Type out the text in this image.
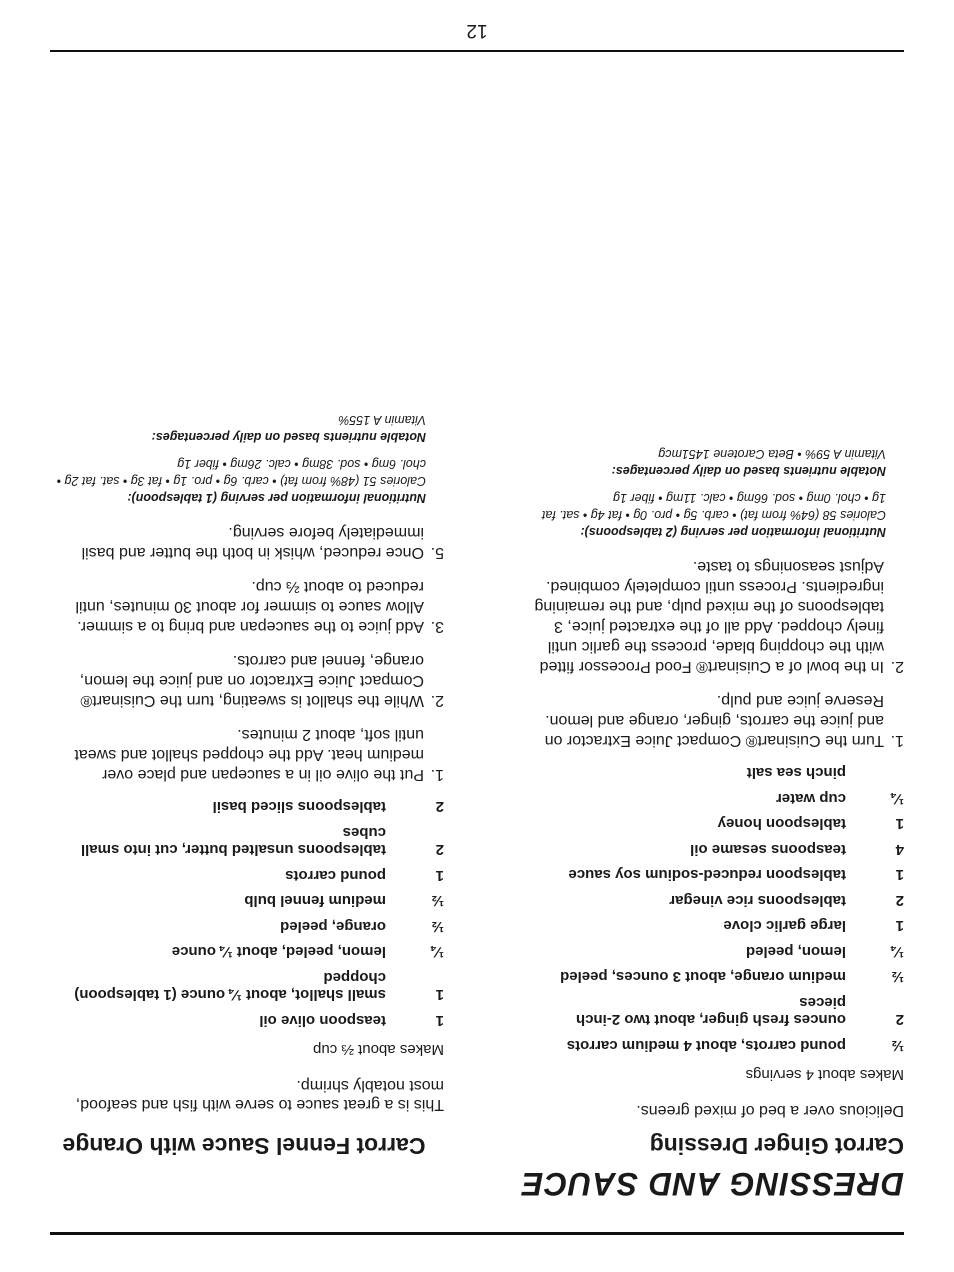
12
DRESSING AND SAUCE
Carrot Fennel Sauce with Orange
This is a great sauce to serve with fish and seafood, most notably shrimp.
Makes about ⅔ cup
1
teaspoon olive oil
1
small shallot, about ¼ ounce (1 tablespoon) chopped
¼
lemon, peeled, about ¼ ounce
½
orange, peeled
½
medium fennel bulb
1
pound carrots
2
tablespoons unsalted butter, cut into small cubes
2
tablespoons sliced basil
1.
Put the olive oil in a saucepan and place over medium heat. Add the chopped shallot and sweat until soft, about 2 minutes.
2.
While the shallot is sweating, turn the Cuisinart® Compact Juice Extractor on and juice the lemon, orange, fennel and carrots.
3.
Add juice to the saucepan and bring to a simmer. Allow sauce to simmer for about 30 minutes, until reduced to about ⅔ cup.
5.
Once reduced, whisk in both the butter and basil immediately before serving.
Nutritional information per serving (1 tablespoon):
Calories 51 (48% from fat) • carb. 6g • pro. 1g • fat 3g • sat. fat 2g • chol. 6mg • sod. 38mg • calc. 26mg • fiber 1g
Notable nutrients based on daily percentages:
Vitamin A 155%
Carrot Ginger Dressing
Delicious over a bed of mixed greens.
Makes about 4 servings
½
pound carrots, about 4 medium carrots
2
ounces fresh ginger, about two 2-inch pieces
½
medium orange, about 3 ounces, peeled
¼
lemon, peeled
1
large garlic clove
2
tablespoons rice vinegar
1
tablespoon reduced-sodium soy sauce
4
teaspoons sesame oil
1
tablespoon honey
¼
cup water
pinch sea salt
1.
Turn the Cuisinart® Compact Juice Extractor on and juice the carrots, ginger, orange and lemon. Reserve juice and pulp.
2.
In the bowl of a Cuisinart® Food Processor fitted with the chopping blade, process the garlic until finely chopped. Add all of the extracted juice, 3 tablespoons of the mixed pulp, and the remaining ingredients. Process until completely combined. Adjust seasonings to taste.
Nutritional information per serving (2 tablespoons):
Calories 58 (64% from fat) • carb. 5g • pro. 0g • fat 4g • sat. fat 1g • chol. 0mg • sod. 66mg • calc. 11mg • fiber 1g
Notable nutrients based on daily percentages:
Vitamin A 59% • Beta Carotene 1451mcg
